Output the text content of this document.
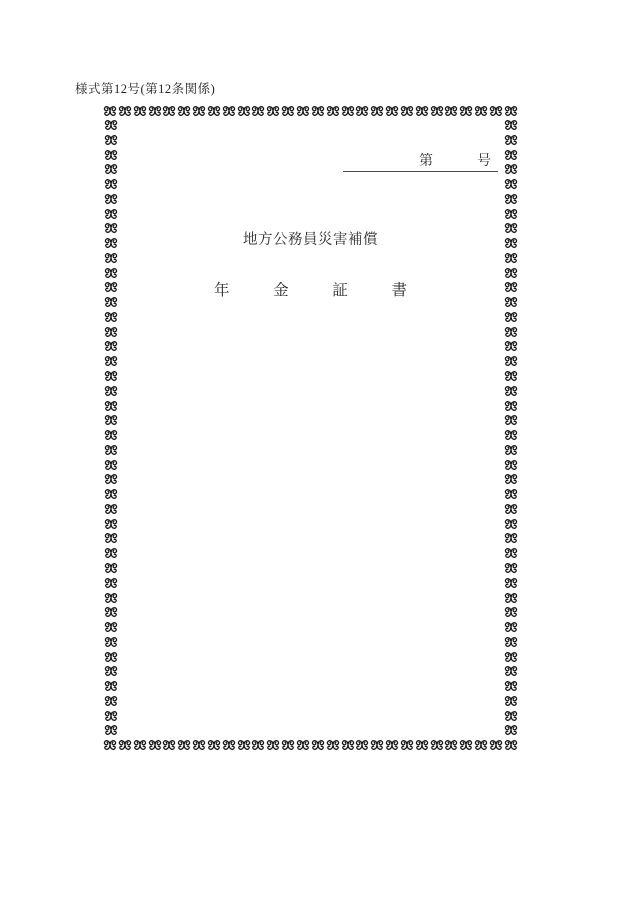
様式第12号(第12条関係)
第	号
地方公務員災害補償
年	金	証	書
